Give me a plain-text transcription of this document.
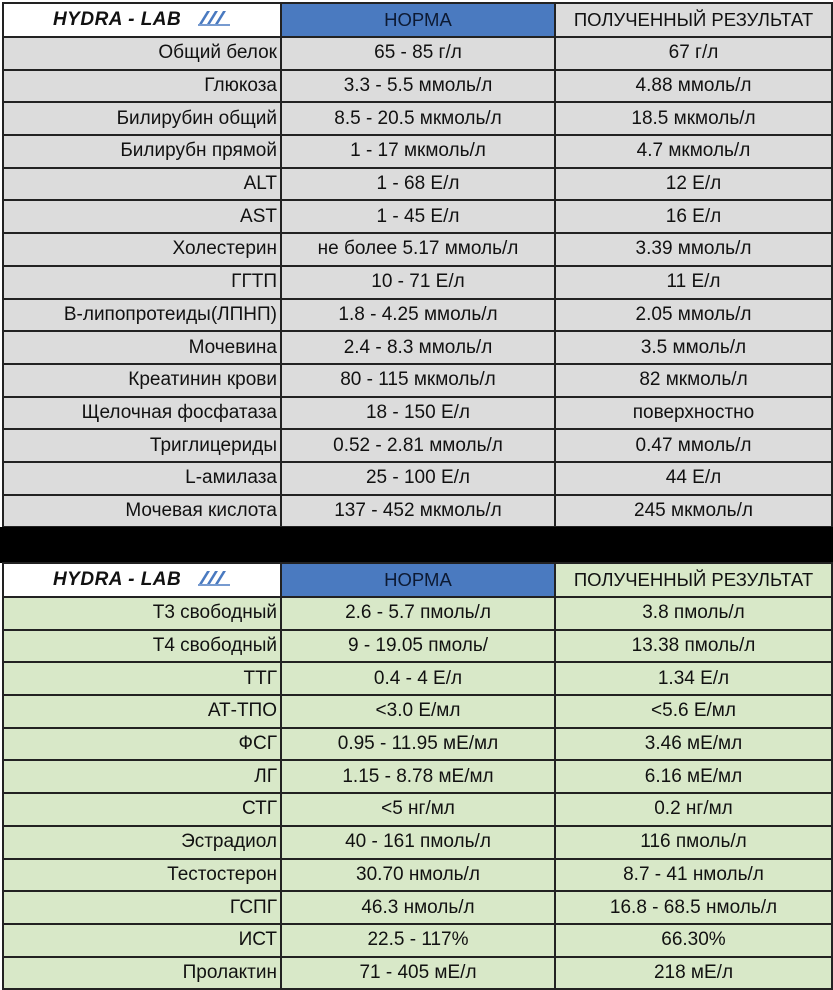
HYDRA - LAB	НОРМА	ПОЛУЧЕННЫЙ РЕЗУЛЬТАТ
Общий белок	65 - 85 г/л	67 г/л
Глюкоза	3.3 - 5.5 ммоль/л	4.88 ммоль/л
Билирубин общий	8.5 - 20.5 мкмоль/л	18.5 мкмоль/л
Билирубн прямой	1 - 17 мкмоль/л	4.7 мкмоль/л
ALT	1 - 68 Е/л	12 Е/л
AST	1 - 45 Е/л	16 Е/л
Холестерин	не более 5.17 ммоль/л	3.39 ммоль/л
ГГТП	10 - 71 Е/л	11 Е/л
В-липопротеиды(ЛПНП)	1.8 - 4.25 ммоль/л	2.05 ммоль/л
Мочевина	2.4 - 8.3 ммоль/л	3.5 ммоль/л
Креатинин крови	80 - 115 мкмоль/л	82 мкмоль/л
Щелочная фосфатаза	18 - 150 Е/л	поверхностно
Триглицериды	0.52 - 2.81 ммоль/л	0.47 ммоль/л
L-амилаза	25 - 100 Е/л	44 Е/л
Мочевая кислота	137 - 452 мкмоль/л	245 мкмоль/л
HYDRA - LAB	НОРМА	ПОЛУЧЕННЫЙ РЕЗУЛЬТАТ
Т3 свободный	2.6 - 5.7 пмоль/л	3.8 пмоль/л
Т4 свободный	9 - 19.05 пмоль/	13.38 пмоль/л
ТТГ	0.4 - 4 Е/л	1.34 Е/л
АТ-ТПО	<3.0 Е/мл	<5.6 Е/мл
ФСГ	0.95 - 11.95 мЕ/мл	3.46 мЕ/мл
ЛГ	1.15 - 8.78 мЕ/мл	6.16 мЕ/мл
СТГ	<5 нг/мл	0.2 нг/мл
Эстрадиол	40 - 161 пмоль/л	116 пмоль/л
Тестостерон	30.70 нмоль/л	8.7 - 41 нмоль/л
ГСПГ	46.3 нмоль/л	16.8 - 68.5 нмоль/л
ИСТ	22.5 - 117%	66.30%
Пролактин	71 - 405 мЕ/л	218 мЕ/л
